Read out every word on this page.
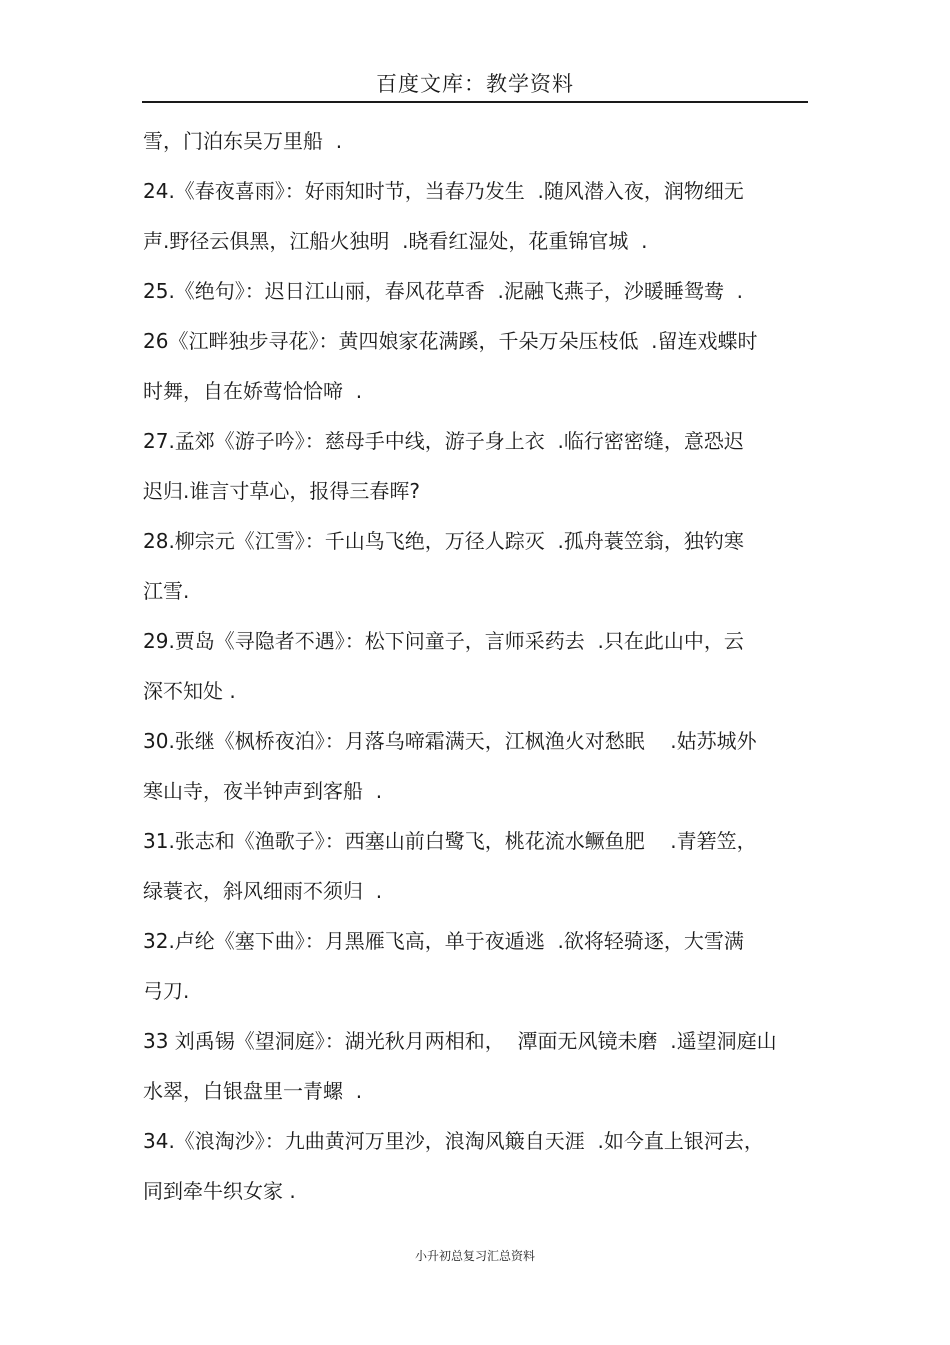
百度文库：教学资料
雪，门泊东吴万里船  .
24.《春夜喜雨》：好雨知时节，当春乃发生  .随风潜入夜，润物细无
声.野径云俱黑，江船火独明  .晓看红湿处，花重锦官城  .
25.《绝句》：迟日江山丽，春风花草香  .泥融飞燕子，沙暖睡鸳鸯  .
26《江畔独步寻花》：黄四娘家花满蹊，千朵万朵压枝低  .留连戏蝶时
时舞，自在娇莺恰恰啼  .
27.孟郊《游子吟》：慈母手中线，游子身上衣  .临行密密缝，意恐迟
迟归.谁言寸草心，报得三春晖?
28.柳宗元《江雪》：千山鸟飞绝，万径人踪灭  .孤舟蓑笠翁，独钓寒
江雪.
29.贾岛《寻隐者不遇》：松下问童子，言师采药去  .只在此山中，云
深不知处 .
30.张继《枫桥夜泊》：月落乌啼霜满天，江枫渔火对愁眠    .姑苏城外
寒山寺，夜半钟声到客船  .
31.张志和《渔歌子》：西塞山前白鹭飞，桃花流水鳜鱼肥    .青箬笠，
绿蓑衣，斜风细雨不须归  .
32.卢纶《塞下曲》：月黑雁飞高，单于夜遁逃  .欲将轻骑逐，大雪满
弓刀.
33 刘禹锡《望洞庭》：湖光秋月两相和，  潭面无风镜未磨  .遥望洞庭山
水翠，白银盘里一青螺  .
34.《浪淘沙》：九曲黄河万里沙，浪淘风簸自天涯  .如今直上银河去，
同到牵牛织女家 .
小升初总复习汇总资料
